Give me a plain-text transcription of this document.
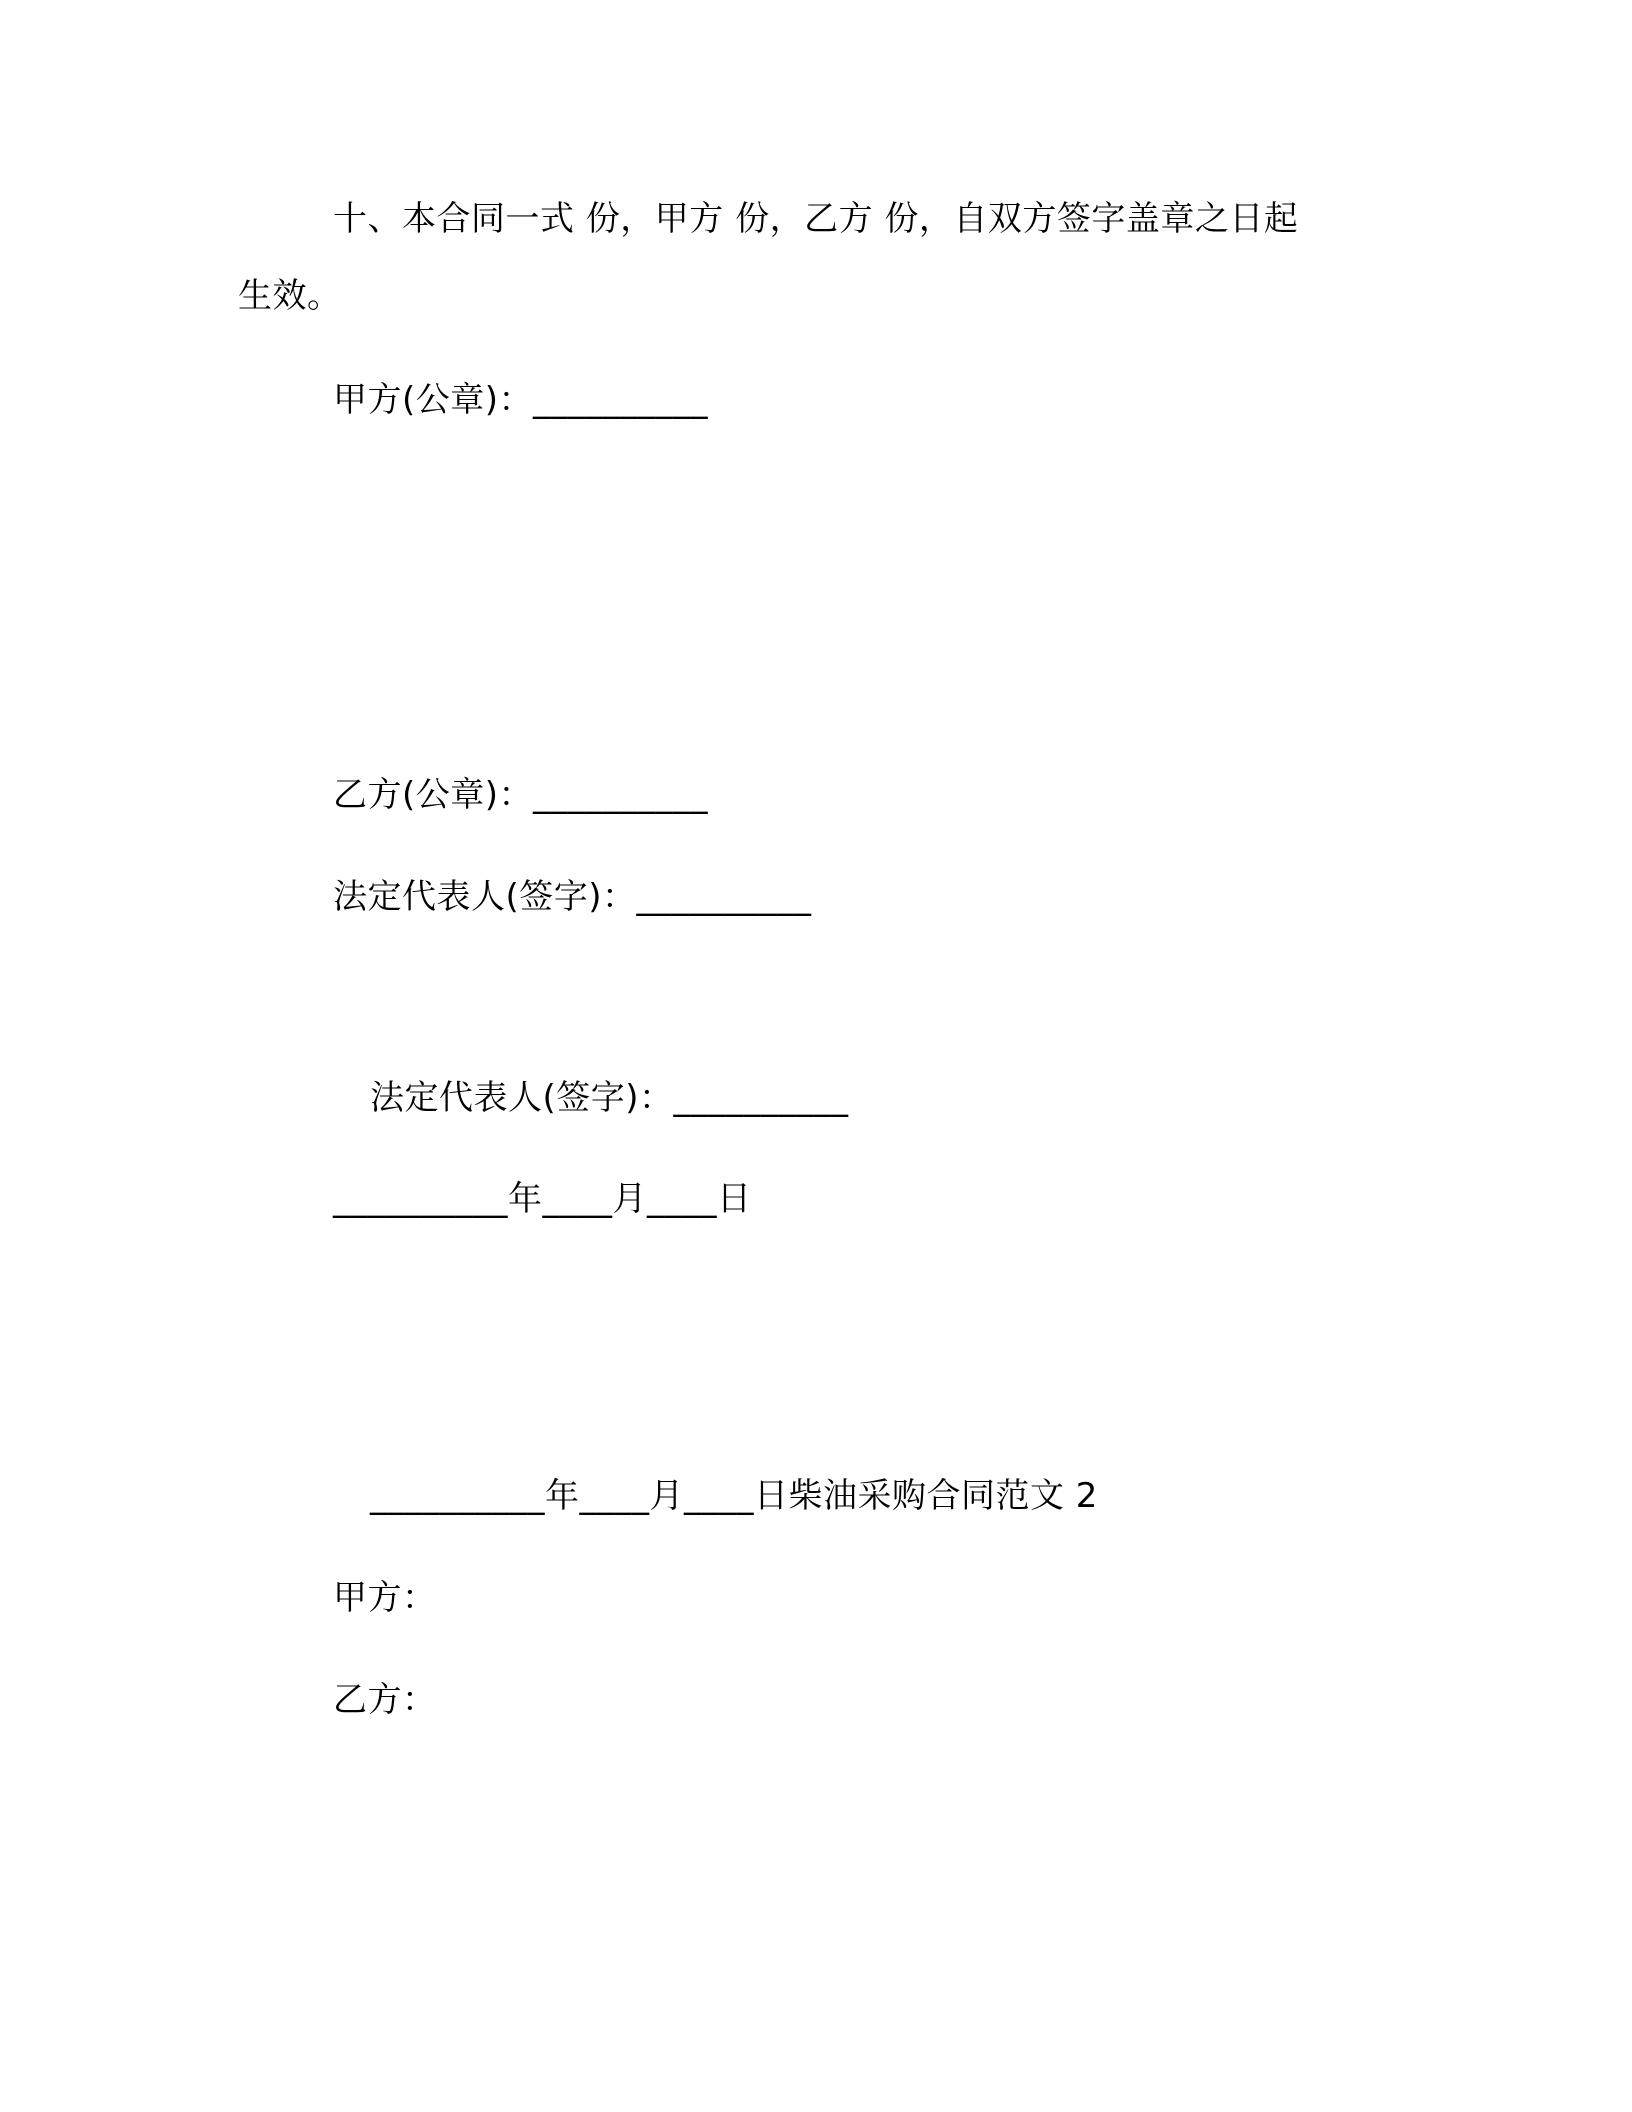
十、本合同一式 份，甲方 份，乙方 份，自双方签字盖章之日起
生效。
甲方(公章)：__________
乙方(公章)：__________
法定代表人(签字)：__________
法定代表人(签字)：__________
__________年____月____日
__________年____月____日柴油采购合同范文 2
甲方：
乙方：
